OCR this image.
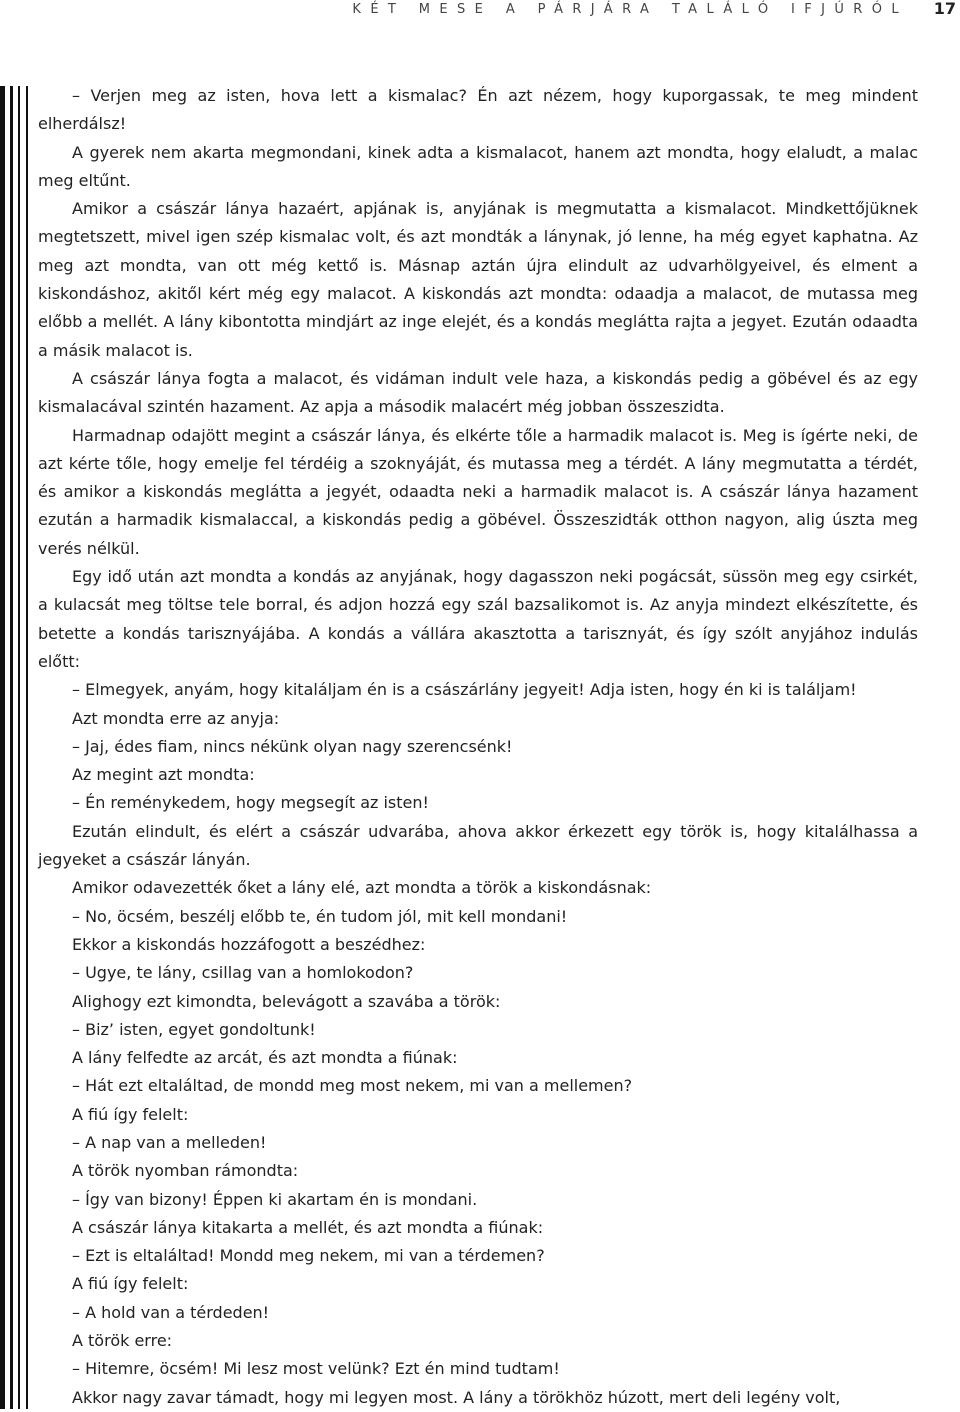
KÉT MESE A PÁRJÁRA TALÁLÓ IFJÚRÓL 17

– Verjen meg az isten, hova lett a kismalac? Én azt nézem, hogy kuporgassak, te meg mindent elherdálsz!

A gyerek nem akarta megmondani, kinek adta a kismalacot, hanem azt mondta, hogy elaludt, a malac meg eltűnt.

Amikor a császár lánya hazaért, apjának is, anyjának is megmutatta a kismalacot. Mindkettőjüknek megtetszett, mivel igen szép kismalac volt, és azt mondták a lánynak, jó lenne, ha még egyet kaphatna. Az meg azt mondta, van ott még kettő is. Másnap aztán újra elindult az udvarhölgyeivel, és elment a kiskondáshoz, akitől kért még egy malacot. A kiskondás azt mondta: odaadja a malacot, de mutassa meg előbb a mellét. A lány kibontotta mindjárt az inge elejét, és a kondás meglátta rajta a jegyet. Ezután odaadta a másik malacot is.

A császár lánya fogta a malacot, és vidáman indult vele haza, a kiskondás pedig a göbével és az egy kismalacával szintén hazament. Az apja a második malacért még jobban összeszidta.

Harmadnap odajött megint a császár lánya, és elkérte tőle a harmadik malacot is. Meg is ígérte neki, de azt kérte tőle, hogy emelje fel térdéig a szoknyáját, és mutassa meg a térdét. A lány megmutatta a térdét, és amikor a kiskondás meglátta a jegyét, odaadta neki a harmadik malacot is. A császár lánya hazament ezután a harmadik kismalaccal, a kiskondás pedig a göbével. Összeszidták otthon nagyon, alig úszta meg verés nélkül.

Egy idő után azt mondta a kondás az anyjának, hogy dagasszon neki pogácsát, süssön meg egy csirkét, a kulacsát meg töltse tele borral, és adjon hozzá egy szál bazsalikomot is. Az anyja mindezt elkészítette, és betette a kondás tarisznyájába. A kondás a vállára akasztotta a tarisznyát, és így szólt anyjához indulás előtt:

– Elmegyek, anyám, hogy kitaláljam én is a császárlány jegyeit! Adja isten, hogy én ki is találjam!

Azt mondta erre az anyja:

– Jaj, édes fiam, nincs nékünk olyan nagy szerencsénk!

Az megint azt mondta:

– Én reménykedem, hogy megsegít az isten!

Ezután elindult, és elért a császár udvarába, ahova akkor érkezett egy török is, hogy kitalálhassa a jegyeket a császár lányán.

Amikor odavezették őket a lány elé, azt mondta a török a kiskondásnak:

– No, öcsém, beszélj előbb te, én tudom jól, mit kell mondani!

Ekkor a kiskondás hozzáfogott a beszédhez:

– Ugye, te lány, csillag van a homlokodon?

Alighogy ezt kimondta, belevágott a szavába a török:

– Biz’ isten, egyet gondoltunk!

A lány felfedte az arcát, és azt mondta a fiúnak:

– Hát ezt eltaláltad, de mondd meg most nekem, mi van a mellemen?

A fiú így felelt:

– A nap van a melleden!

A török nyomban rámondta:

– Így van bizony! Éppen ki akartam én is mondani.

A császár lánya kitakarta a mellét, és azt mondta a fiúnak:

– Ezt is eltaláltad! Mondd meg nekem, mi van a térdemen?

A fiú így felelt:

– A hold van a térdeden!

A török erre:

– Hitemre, öcsém! Mi lesz most velünk? Ezt én mind tudtam!

Akkor nagy zavar támadt, hogy mi legyen most. A lány a törökhöz húzott, mert deli legény volt,
